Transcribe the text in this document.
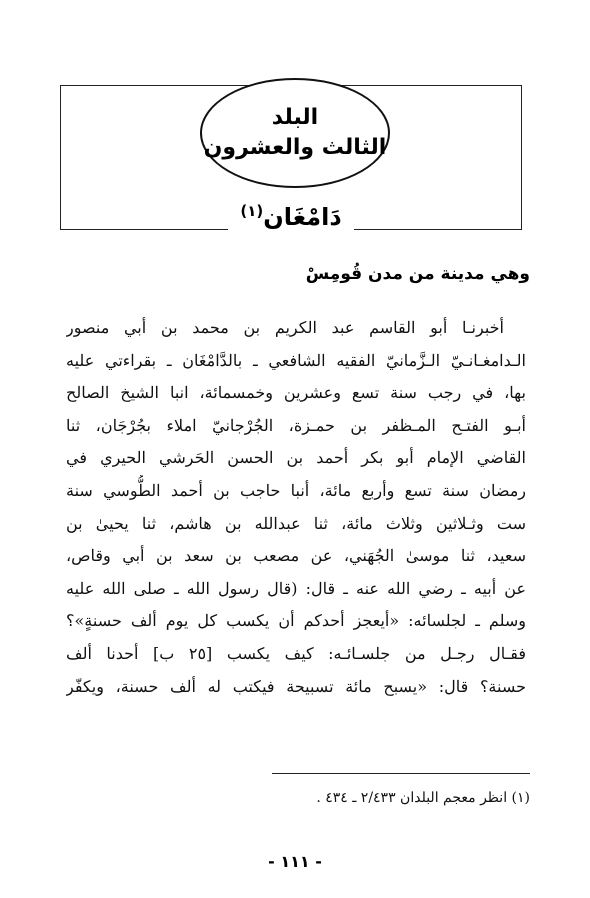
البلد
الثالث والعشرون
دَامْغَان$^{(١)}$
وهي مدينة من مدن قُومِسْ
أخبرنـا أبو القاسم عبد الكريم بن محمد بن أبي منصور
الـدامغـانـيّ الـزَّمانيّ الفقيه الشافعي ـ بالدَّامْغَان ـ بقراءتي عليه
بها، في رجب سنة تسع وعشرين وخمسمائة، انبا الشيخ الصالح
أبـو الفتـح المـظفر بن حمـزة، الجُرْجانيّ املاء بجُرْجَان، ثنا
القاضي الإمام أبو بكر أحمد بن الحسن الحَرشي الحيري في
رمضان سنة تسع وأربع مائة، أنبا حاجب بن أحمد الطُّوسي سنة
ست وثـلاثين وثلاث مائة، ثنا عبدالله بن هاشم، ثنا يحيىٰ بن
سعيد، ثنا موسىٰ الجُهَني، عن مصعب بن سعد بن أبي وقاص،
عن أبيه ـ رضي الله عنه ـ قال: (قال رسول الله ـ صلى الله عليه
وسلم ـ لجلسائه: «أيعجز أحدكم أن يكسب كل يوم ألف حسنةٍ»؟
فقـال رجـل من جلسـائـه: كيف يكسب [٢٥ ب] أحدنا ألف
حسنة؟ قال: «يسبح مائة تسبيحة فيكتب له ألف حسنة، ويكفّر
(١) انظر معجم البلدان ٢/٤٣٣ ـ ٤٣٤ .
- ١١١ -
